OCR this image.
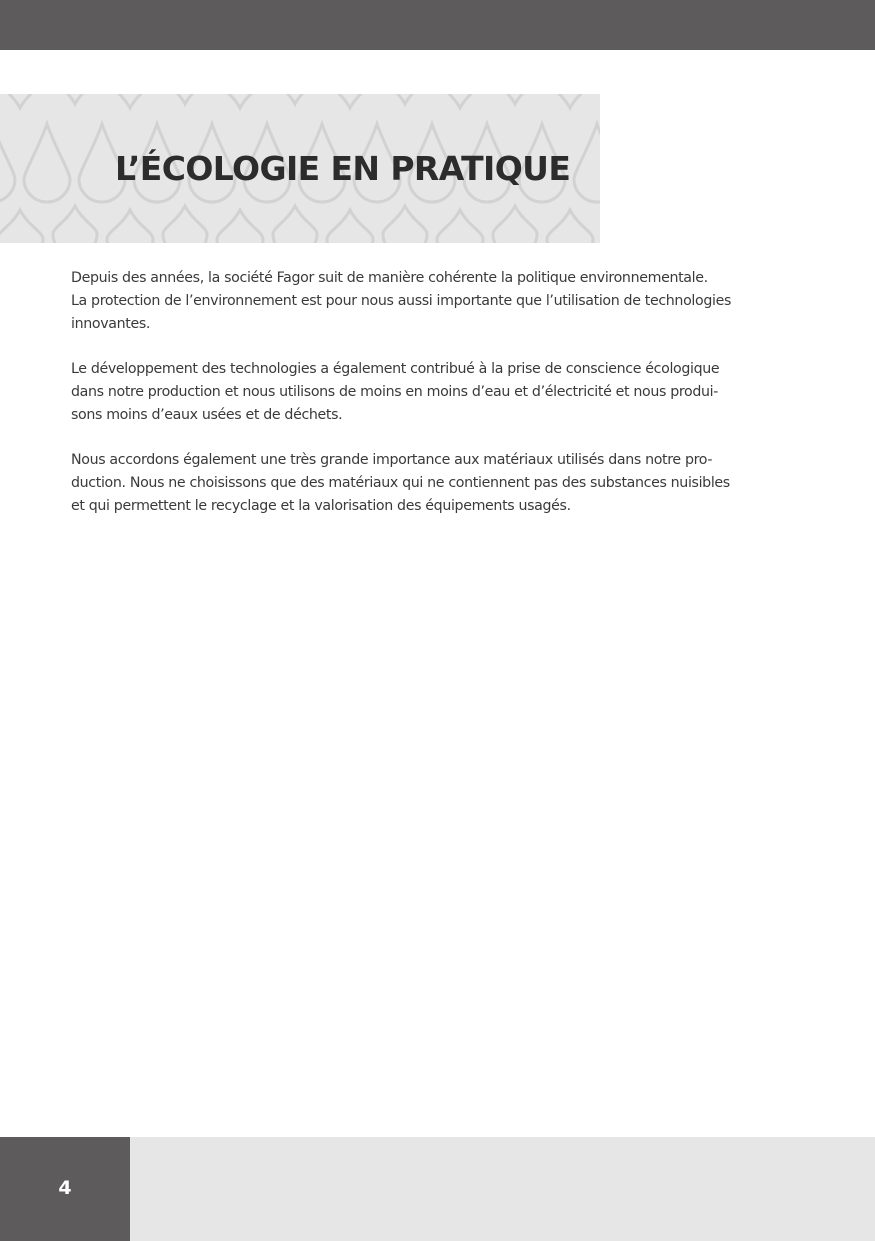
L’ÉCOLOGIE EN PRATIQUE

Depuis des années, la société Fagor suit de manière cohérente la politique environnementale.
La protection de l’environnement est pour nous aussi importante que l’utilisation de technologies
innovantes.

Le développement des technologies a également contribué à la prise de conscience écologique
dans notre production et nous utilisons de moins en moins d’eau et d’électricité et nous produi-
sons moins d’eaux usées et de déchets.

Nous accordons également une très grande importance aux matériaux utilisés dans notre pro-
duction. Nous ne choisissons que des matériaux qui ne contiennent pas des substances nuisibles
et qui permettent le recyclage et la valorisation des équipements usagés.

4
